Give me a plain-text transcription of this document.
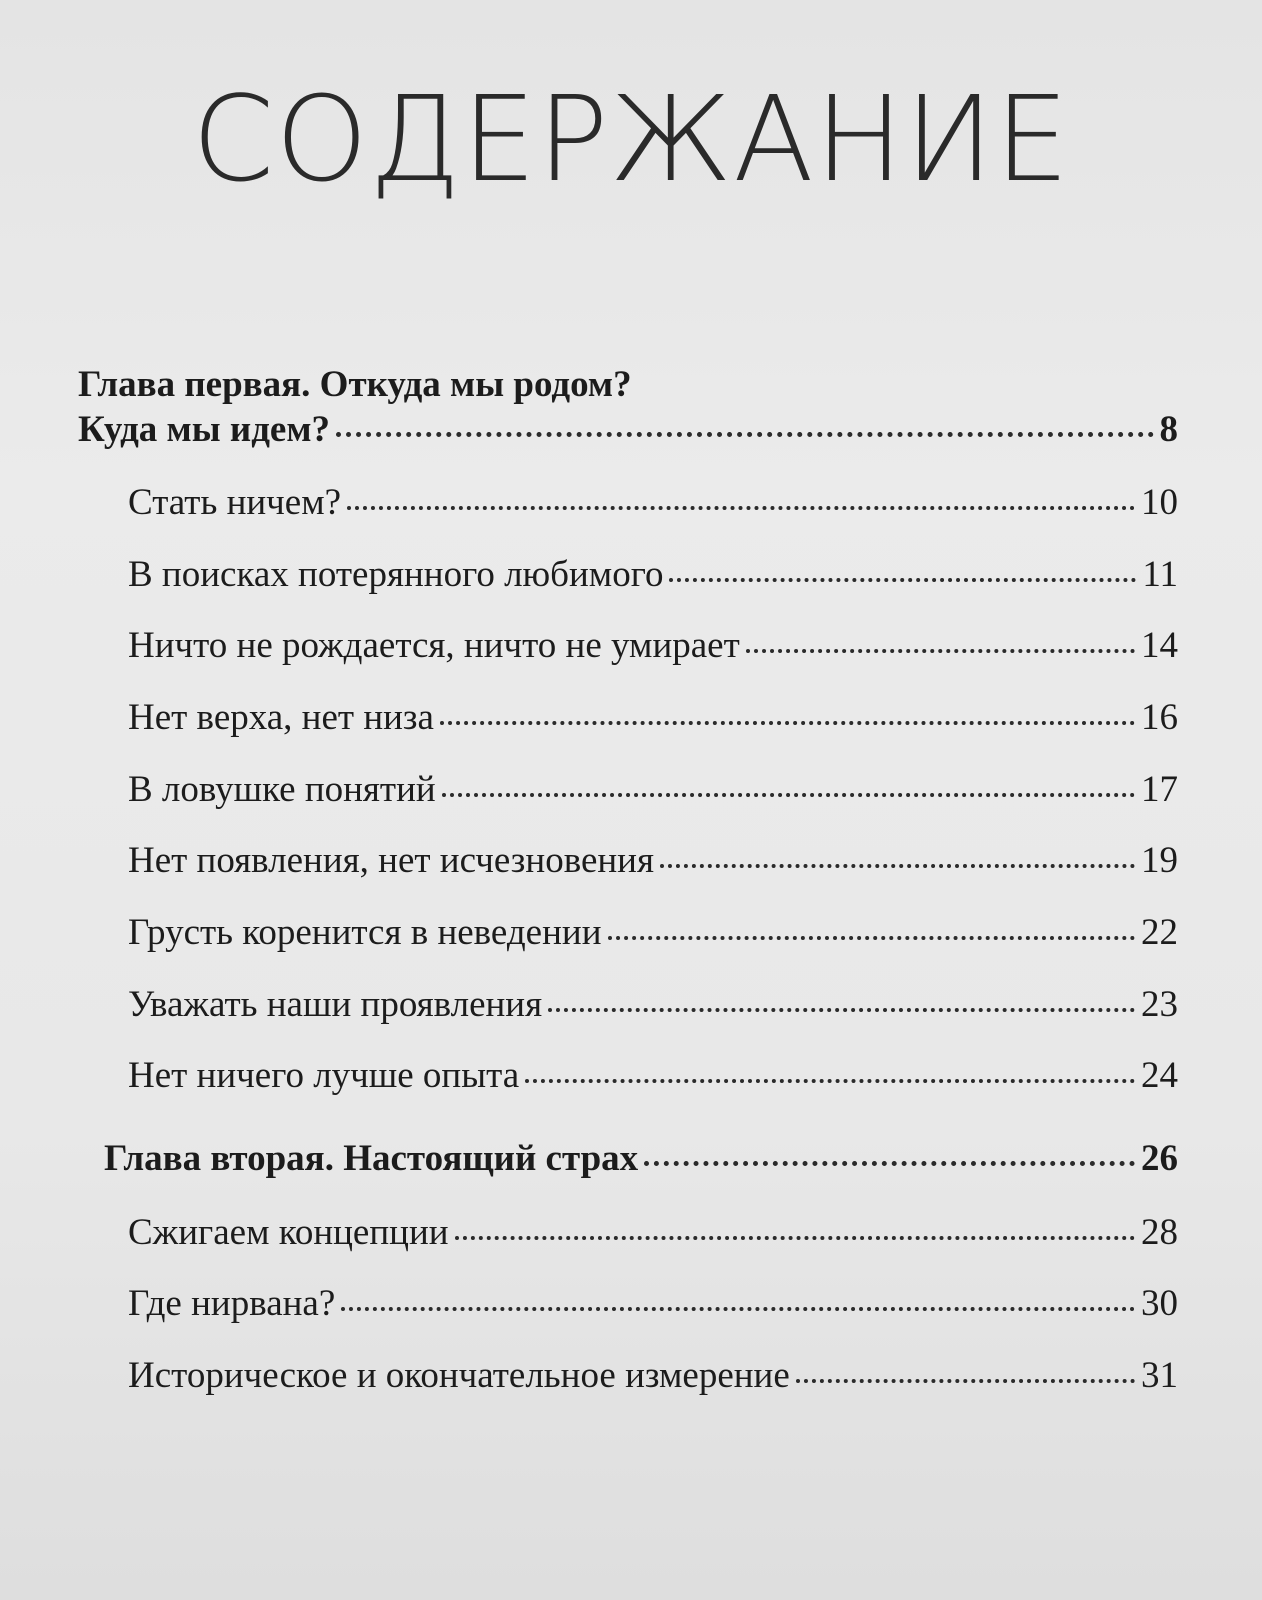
СОДЕРЖАНИЕ
Глава первая. Откуда мы родом?
Куда мы идем?	8
Стать ничем?	10
В поисках потерянного любимого	11
Ничто не рождается, ничто не умирает	14
Нет верха, нет низа	16
В ловушке понятий	17
Нет появления, нет исчезновения	19
Грусть коренится в неведении	22
Уважать наши проявления	23
Нет ничего лучше опыта	24
Глава вторая. Настоящий страх	26
Сжигаем концепции	28
Где нирвана?	30
Историческое и окончательное измерение	31
